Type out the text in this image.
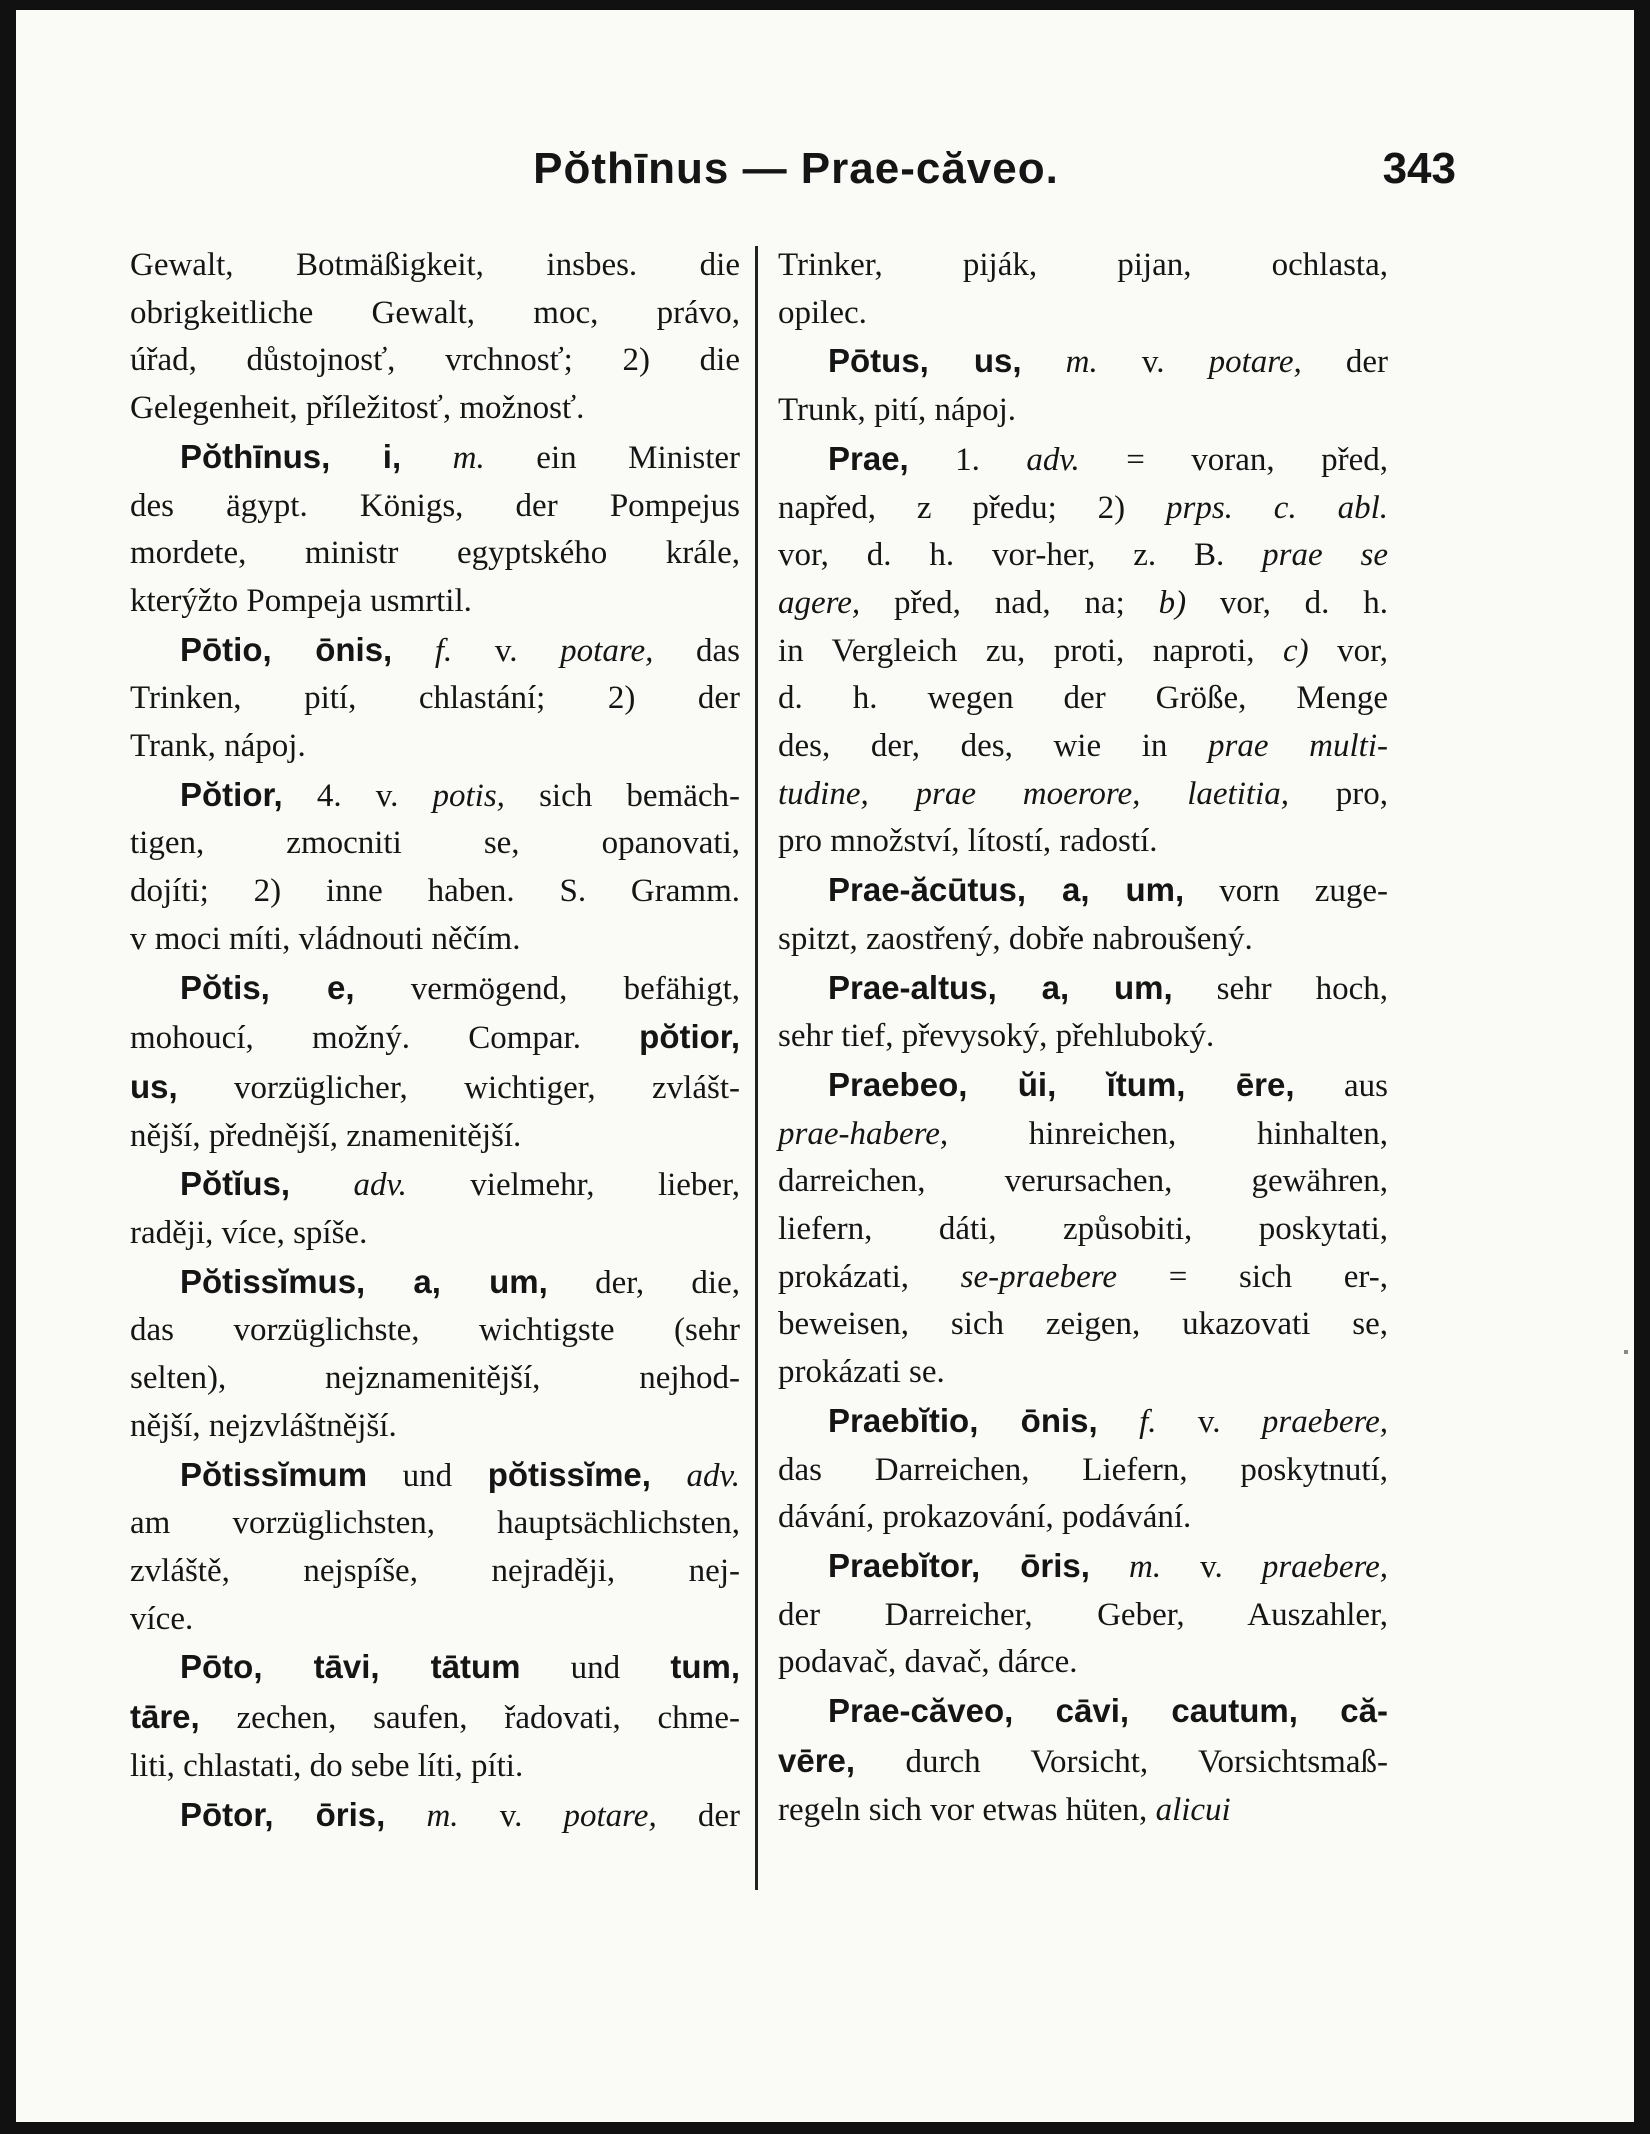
Pŏthīnus — Prae-căveo.	343
Gewalt, Botmäßigkeit, insbes. die
obrigkeitliche Gewalt, moc, právo,
úřad, důstojnosť, vrchnosť; 2) die
Gelegenheit, příležitosť, možnosť.
Pŏthīnus, i, m. ein Minister
des ägypt. Königs, der Pompejus
mordete, ministr egyptského krále,
kterýžto Pompeja usmrtil.
Pōtio, ōnis, f. v. potare, das
Trinken, pití, chlastání; 2) der
Trank, nápoj.
Pŏtior, 4. v. potis, sich bemäch-
tigen, zmocniti se, opanovati,
dojíti; 2) inne haben. S. Gramm.
v moci míti, vládnouti něčím.
Pŏtis, e, vermögend, befähigt,
mohoucí, možný. Compar. pŏtior,
us, vorzüglicher, wichtiger, zvlášt-
nější, přednější, znamenitější.
Pŏtĭus, adv. vielmehr, lieber,
raději, více, spíše.
Pŏtissĭmus, a, um, der, die,
das vorzüglichste, wichtigste (sehr
selten), nejznamenitější, nejhod-
nější, nejzvláštnější.
Pŏtissĭmum und pŏtissĭme, adv.
am vorzüglichsten, hauptsächlichsten,
zvláště, nejspíše, nejraději, nej-
více.
Pōto, tāvi, tātum und tum,
tāre, zechen, saufen, řadovati, chme-
liti, chlastati, do sebe líti, píti.
Pōtor, ōris, m. v. potare, der
Trinker, piják, pijan, ochlasta,
opilec.
Pōtus, us, m. v. potare, der
Trunk, pití, nápoj.
Prae, 1. adv. = voran, před,
napřed, z předu; 2) prps. c. abl.
vor, d. h. vor-her, z. B. prae se
agere, před, nad, na; b) vor, d. h.
in Vergleich zu, proti, naproti, c) vor,
d. h. wegen der Größe, Menge
des, der, des, wie in prae multi-
tudine, prae moerore, laetitia, pro,
pro množství, lítostí, radostí.
Prae-ăcūtus, a, um, vorn zuge-
spitzt, zaostřený, dobře nabroušený.
Prae-altus, a, um, sehr hoch,
sehr tief, převysoký, přehluboký.
Praebeo, ŭi, ĭtum, ēre, aus
prae-habere, hinreichen, hinhalten,
darreichen, verursachen, gewähren,
liefern, dáti, způsobiti, poskytati,
prokázati, se-praebere = sich er-,
beweisen, sich zeigen, ukazovati se,
prokázati se.
Praebĭtio, ōnis, f. v. praebere,
das Darreichen, Liefern, poskytnutí,
dávání, prokazování, podávání.
Praebĭtor, ōris, m. v. praebere,
der Darreicher, Geber, Auszahler,
podavač, davač, dárce.
Prae-căveo, cāvi, cautum, că-
vēre, durch Vorsicht, Vorsichtsmaß-
regeln sich vor etwas hüten, alicui
